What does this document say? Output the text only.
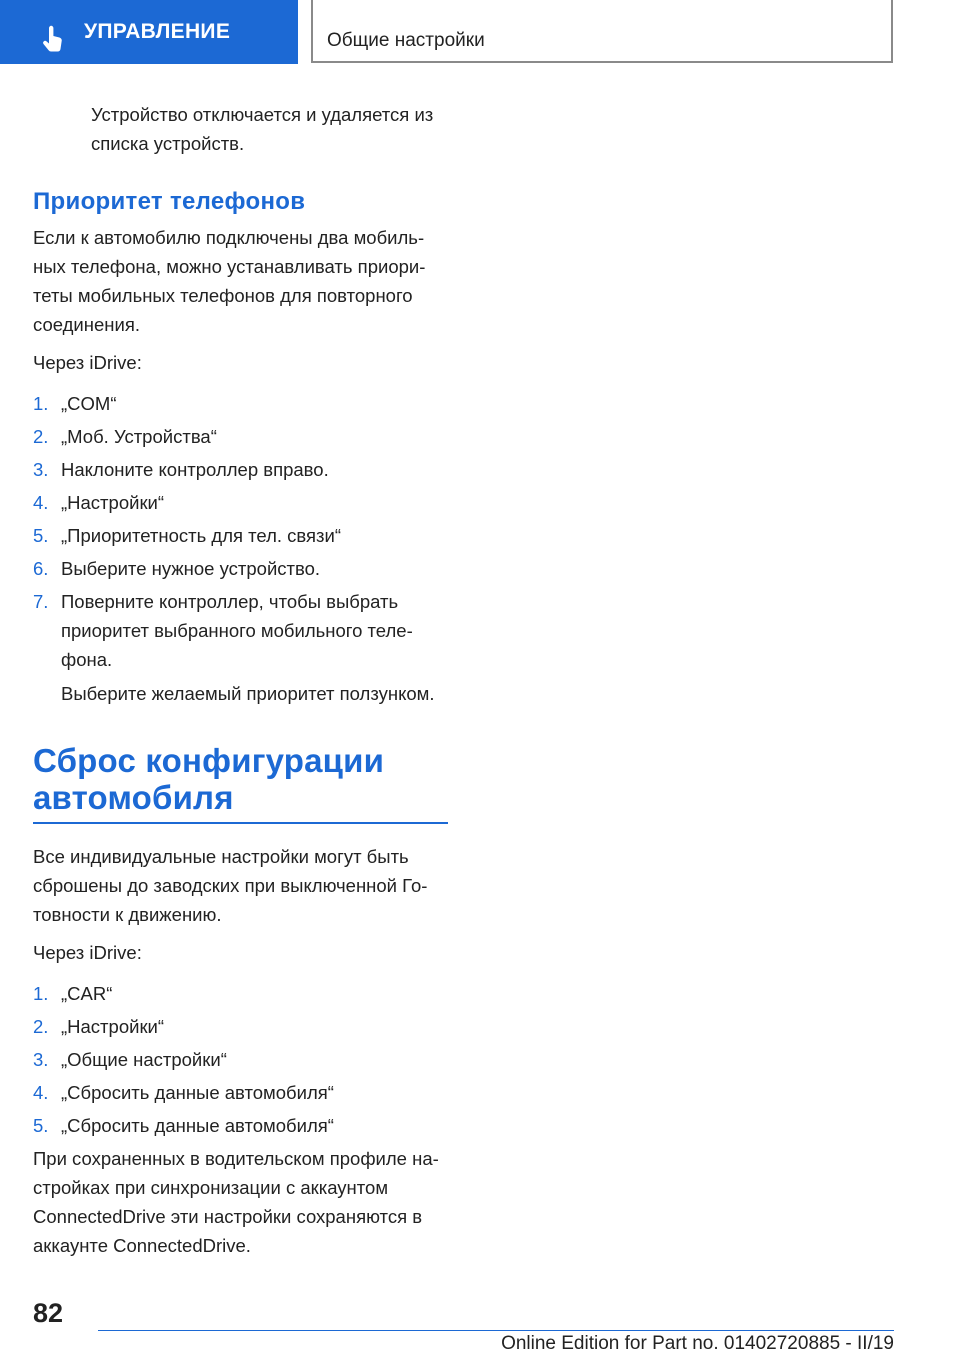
УПРАВЛЕНИЕ	Общие настройки

Устройство отключается и удаляется из списка устройств.

Приоритет телефонов

Если к автомобилю подключены два мобиль-ных телефона, можно устанавливать приори-теты мобильных телефонов для повторного соединения.

Через iDrive:

1. „COM“
2. „Моб. Устройства“
3. Наклоните контроллер вправо.
4. „Настройки“
5. „Приоритетность для тел. связи“
6. Выберите нужное устройство.
7. Поверните контроллер, чтобы выбрать приоритет выбранного мобильного теле-фона.
Выберите желаемый приоритет ползунком.
Сброс конфигурации
автомобиля

Все индивидуальные настройки могут быть сброшены до заводских при выключенной Го-товности к движению.

Через iDrive:

1. „CAR“
2. „Настройки“
3. „Общие настройки“
4. „Сбросить данные автомобиля“
5. „Сбросить данные автомобиля“

При сохраненных в водительском профиле на-стройках при синхронизации с аккаунтом ConnectedDrive эти настройки сохраняются в аккаунте ConnectedDrive.

82
Online Edition for Part no. 01402720885 - II/19
